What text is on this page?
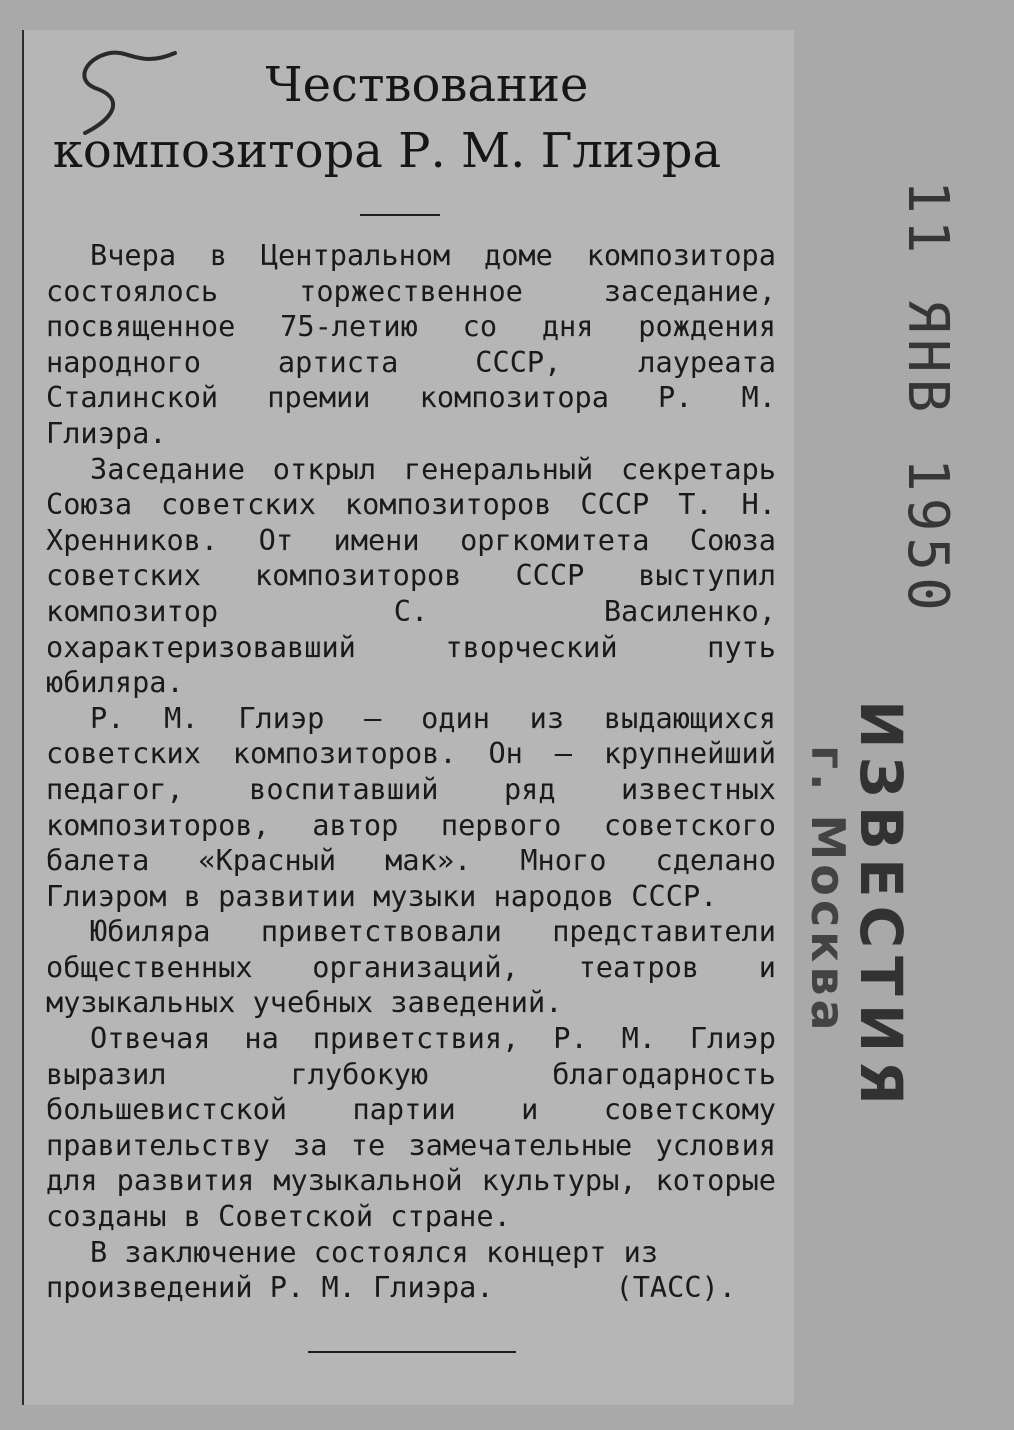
Чествование
композитора Р. М. Глиэра

Вчера в Центральном доме композитора состоялось торжественное заседание, посвященное 75-летию со дня рождения народного артиста СССР, лауреата Сталинской премии композитора Р. М. Глиэра.

Заседание открыл генеральный секретарь Союза советских композиторов СССР Т. Н. Хренников. От имени оргкомитета Союза советских композиторов СССР выступил композитор С. Василенко, охарактеризовавший творческий путь юбиляра.

Р. М. Глиэр — один из выдающихся советских композиторов. Он — крупнейший педагог, воспитавший ряд известных композиторов, автор первого советского балета «Красный мак». Много сделано Глиэром в развитии музыки народов СССР.

Юбиляра приветствовали представители общественных организаций, театров и музыкальных учебных заведений.

Отвечая на приветствия, Р. М. Глиэр выразил глубокую благодарность большевистской партии и советскому правительству за те замечательные условия для развития музыкальной культуры, которые созданы в Советской стране.

В заключение состоялся концерт из произведений Р. М. Глиэра.	(ТАСС).

11 ЯНВ 1950
ИЗВЕСТИЯ
г. Москва
